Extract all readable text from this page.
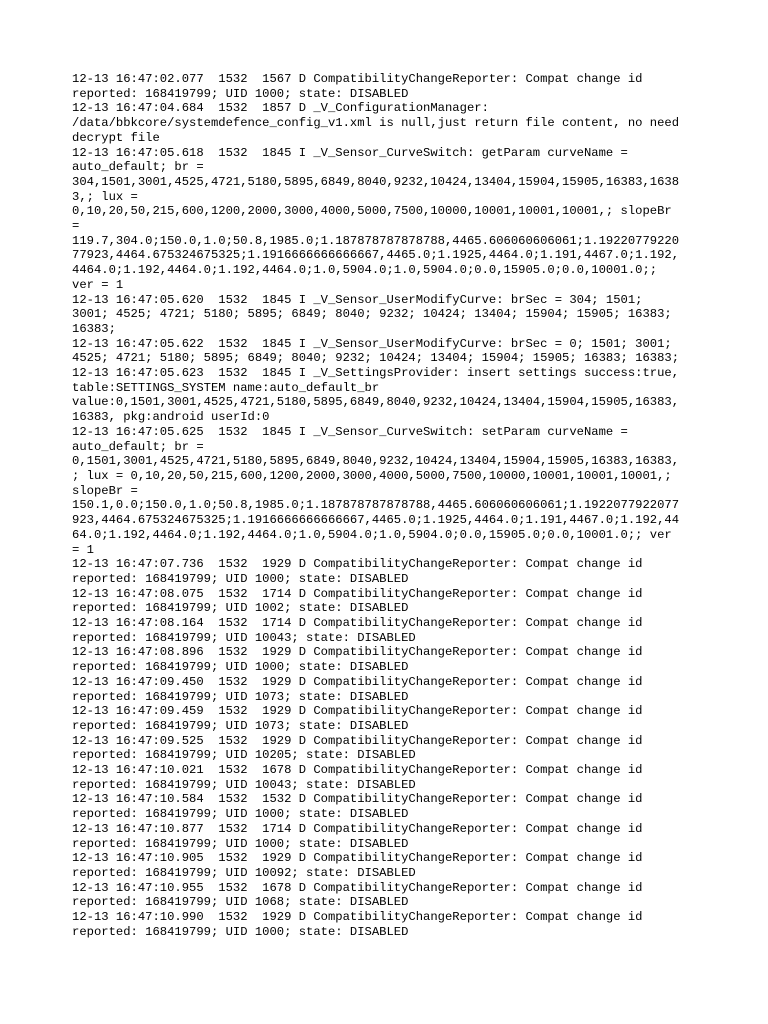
12-13 16:47:02.077  1532  1567 D CompatibilityChangeReporter: Compat change id
reported: 168419799; UID 1000; state: DISABLED
12-13 16:47:04.684  1532  1857 D _V_ConfigurationManager:
/data/bbkcore/systemdefence_config_v1.xml is null,just return file content, no need
decrypt file
12-13 16:47:05.618  1532  1845 I _V_Sensor_CurveSwitch: getParam curveName =
auto_default; br =
304,1501,3001,4525,4721,5180,5895,6849,8040,9232,10424,13404,15904,15905,16383,1638
3,; lux =
0,10,20,50,215,600,1200,2000,3000,4000,5000,7500,10000,10001,10001,10001,; slopeBr
=
119.7,304.0;150.0,1.0;50.8,1985.0;1.187878787878788,4465.606060606061;1.19220779220
77923,4464.675324675325;1.1916666666666667,4465.0;1.1925,4464.0;1.191,4467.0;1.192,
4464.0;1.192,4464.0;1.192,4464.0;1.0,5904.0;1.0,5904.0;0.0,15905.0;0.0,10001.0;;
ver = 1
12-13 16:47:05.620  1532  1845 I _V_Sensor_UserModifyCurve: brSec = 304; 1501;
3001; 4525; 4721; 5180; 5895; 6849; 8040; 9232; 10424; 13404; 15904; 15905; 16383;
16383;
12-13 16:47:05.622  1532  1845 I _V_Sensor_UserModifyCurve: brSec = 0; 1501; 3001;
4525; 4721; 5180; 5895; 6849; 8040; 9232; 10424; 13404; 15904; 15905; 16383; 16383;
12-13 16:47:05.623  1532  1845 I _V_SettingsProvider: insert settings success:true,
table:SETTINGS_SYSTEM name:auto_default_br
value:0,1501,3001,4525,4721,5180,5895,6849,8040,9232,10424,13404,15904,15905,16383,
16383, pkg:android userId:0
12-13 16:47:05.625  1532  1845 I _V_Sensor_CurveSwitch: setParam curveName =
auto_default; br =
0,1501,3001,4525,4721,5180,5895,6849,8040,9232,10424,13404,15904,15905,16383,16383,
; lux = 0,10,20,50,215,600,1200,2000,3000,4000,5000,7500,10000,10001,10001,10001,;
slopeBr =
150.1,0.0;150.0,1.0;50.8,1985.0;1.187878787878788,4465.606060606061;1.1922077922077
923,4464.675324675325;1.1916666666666667,4465.0;1.1925,4464.0;1.191,4467.0;1.192,44
64.0;1.192,4464.0;1.192,4464.0;1.0,5904.0;1.0,5904.0;0.0,15905.0;0.0,10001.0;; ver
= 1
12-13 16:47:07.736  1532  1929 D CompatibilityChangeReporter: Compat change id
reported: 168419799; UID 1000; state: DISABLED
12-13 16:47:08.075  1532  1714 D CompatibilityChangeReporter: Compat change id
reported: 168419799; UID 1002; state: DISABLED
12-13 16:47:08.164  1532  1714 D CompatibilityChangeReporter: Compat change id
reported: 168419799; UID 10043; state: DISABLED
12-13 16:47:08.896  1532  1929 D CompatibilityChangeReporter: Compat change id
reported: 168419799; UID 1000; state: DISABLED
12-13 16:47:09.450  1532  1929 D CompatibilityChangeReporter: Compat change id
reported: 168419799; UID 1073; state: DISABLED
12-13 16:47:09.459  1532  1929 D CompatibilityChangeReporter: Compat change id
reported: 168419799; UID 1073; state: DISABLED
12-13 16:47:09.525  1532  1929 D CompatibilityChangeReporter: Compat change id
reported: 168419799; UID 10205; state: DISABLED
12-13 16:47:10.021  1532  1678 D CompatibilityChangeReporter: Compat change id
reported: 168419799; UID 10043; state: DISABLED
12-13 16:47:10.584  1532  1532 D CompatibilityChangeReporter: Compat change id
reported: 168419799; UID 1000; state: DISABLED
12-13 16:47:10.877  1532  1714 D CompatibilityChangeReporter: Compat change id
reported: 168419799; UID 1000; state: DISABLED
12-13 16:47:10.905  1532  1929 D CompatibilityChangeReporter: Compat change id
reported: 168419799; UID 10092; state: DISABLED
12-13 16:47:10.955  1532  1678 D CompatibilityChangeReporter: Compat change id
reported: 168419799; UID 1068; state: DISABLED
12-13 16:47:10.990  1532  1929 D CompatibilityChangeReporter: Compat change id
reported: 168419799; UID 1000; state: DISABLED
